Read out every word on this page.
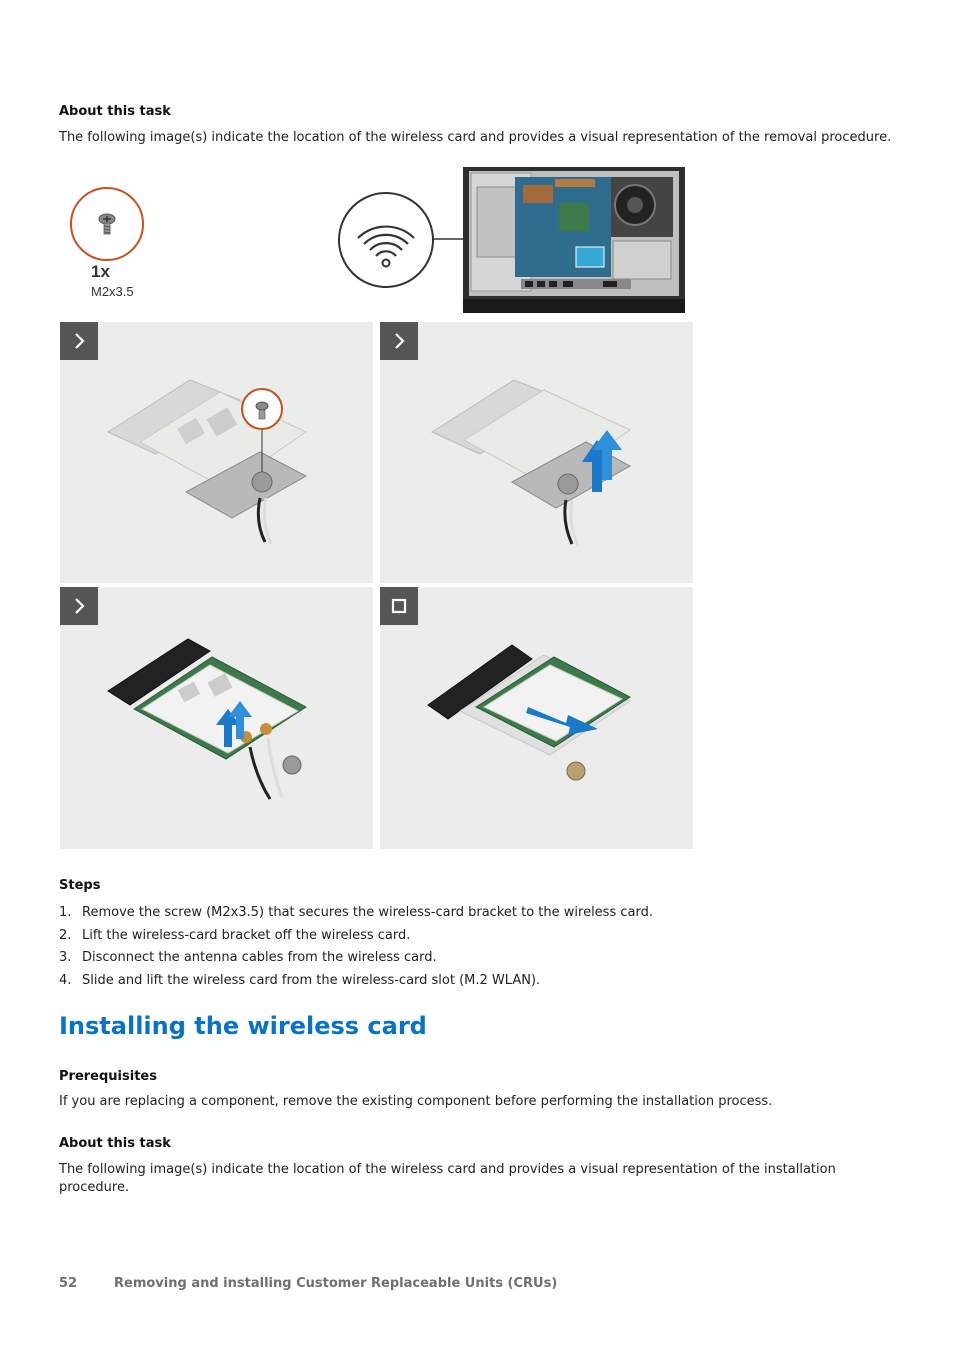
About this task
The following image(s) indicate the location of the wireless card and provides a visual representation of the removal procedure.
1x
M2x3.5
Steps
1. Remove the screw (M2x3.5) that secures the wireless-card bracket to the wireless card.
2. Lift the wireless-card bracket off the wireless card.
3. Disconnect the antenna cables from the wireless card.
4. Slide and lift the wireless card from the wireless-card slot (M.2 WLAN).
Installing the wireless card
Prerequisites
If you are replacing a component, remove the existing component before performing the installation process.
About this task
The following image(s) indicate the location of the wireless card and provides a visual representation of the installation procedure.
52	Removing and installing Customer Replaceable Units (CRUs)
